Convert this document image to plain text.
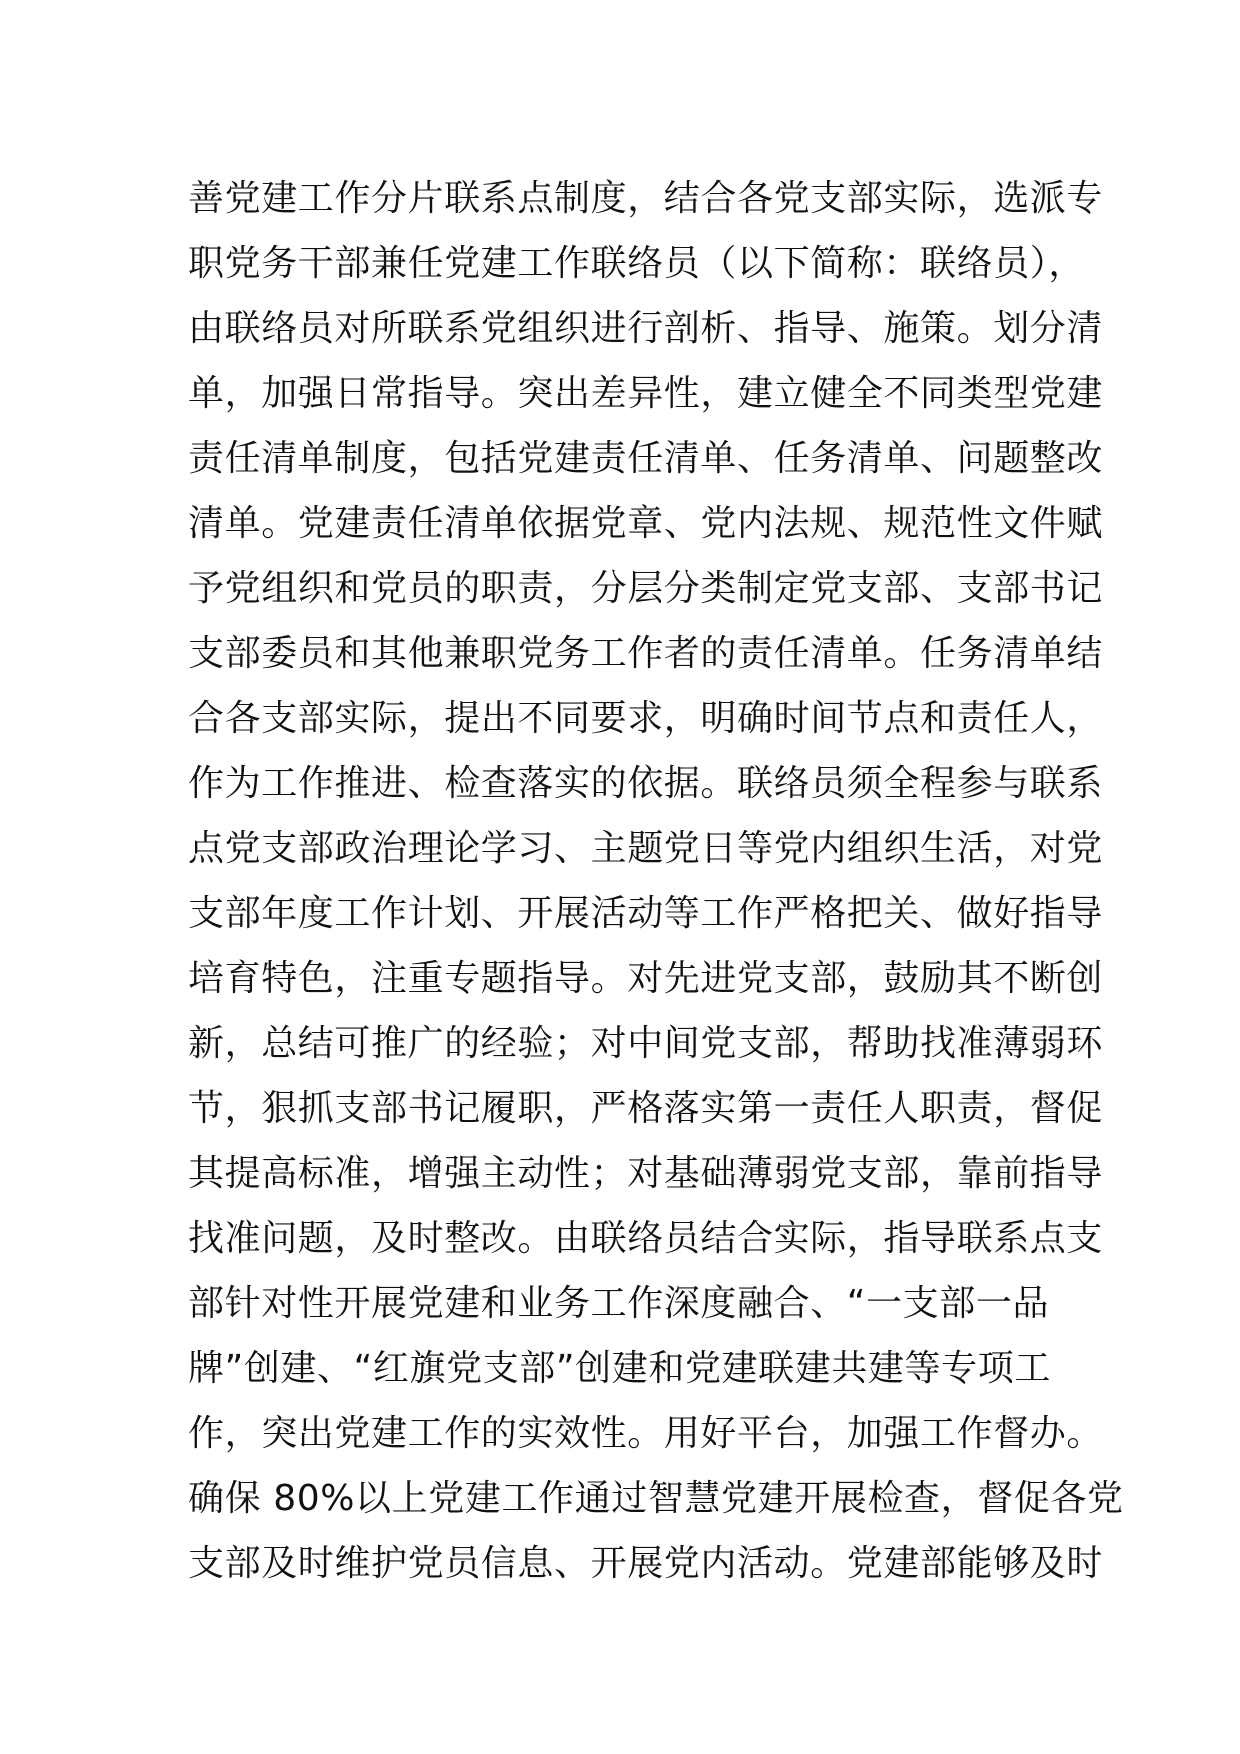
善党建工作分片联系点制度，结合各党支部实际，选派专
职党务干部兼任党建工作联络员（以下简称：联络员），
由联络员对所联系党组织进行剖析、指导、施策。划分清
单，加强日常指导。突出差异性，建立健全不同类型党建
责任清单制度，包括党建责任清单、任务清单、问题整改
清单。党建责任清单依据党章、党内法规、规范性文件赋
予党组织和党员的职责，分层分类制定党支部、支部书记
支部委员和其他兼职党务工作者的责任清单。任务清单结
合各支部实际，提出不同要求，明确时间节点和责任人，
作为工作推进、检查落实的依据。联络员须全程参与联系
点党支部政治理论学习、主题党日等党内组织生活，对党
支部年度工作计划、开展活动等工作严格把关、做好指导
培育特色，注重专题指导。对先进党支部，鼓励其不断创
新，总结可推广的经验；对中间党支部，帮助找准薄弱环
节，狠抓支部书记履职，严格落实第一责任人职责，督促
其提高标准，增强主动性；对基础薄弱党支部，靠前指导
找准问题，及时整改。由联络员结合实际，指导联系点支
部针对性开展党建和业务工作深度融合、“一支部一品
牌”创建、“红旗党支部”创建和党建联建共建等专项工
作，突出党建工作的实效性。用好平台，加强工作督办。
确保 80%以上党建工作通过智慧党建开展检查，督促各党
支部及时维护党员信息、开展党内活动。党建部能够及时
